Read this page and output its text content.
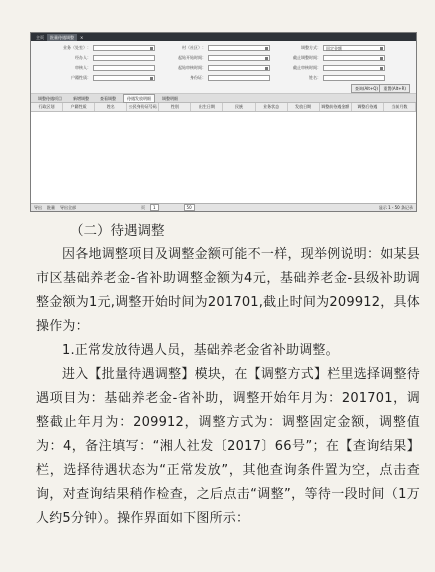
主页	批量待遇调整	×
业务（处室）：	村（社区）：	调整方式：	固定金额
经办人：	起始开始时间：	截止调整时间：
审核人：	起始审核时间：	截止审核时间：
户籍性质：	身份证：	姓名：
查询(Alt+Q)	重置(Alt+R)
调整待遇项目	新增调整	查看调整	待遇发放明细	调整明细
行政区划	户籍性质	姓名	公民身份证号码	性别	出生日期	民族	业务状态	发放日期	调整前待遇金额	调整后待遇	当前月数
导出 批量 导出全部	页	1	50	显示 1 - 50 条记录
（二）待遇调整

因各地调整项目及调整金额可能不一样，现举例说明：如某县市区基础养老金-省补助调整金额为4元，基础养老金-县级补助调整金额为1元,调整开始时间为201701,截止时间为209912，具体操作为：

1.正常发放待遇人员，基础养老金省补助调整。

进入【批量待遇调整】模块，在【调整方式】栏里选择调整待遇项目为：基础养老金-省补助，调整开始年月为：201701，调整截止年月为：209912，调整方式为：调整固定金额，调整值为：4，备注填写：“湘人社发〔2017〕66号”；在【查询结果】栏，选择待遇状态为“正常发放”，其他查询条件置为空，点击查询，对查询结果稍作检查，之后点击“调整”，等待一段时间（1万人约5分钟）。操作界面如下图所示：
